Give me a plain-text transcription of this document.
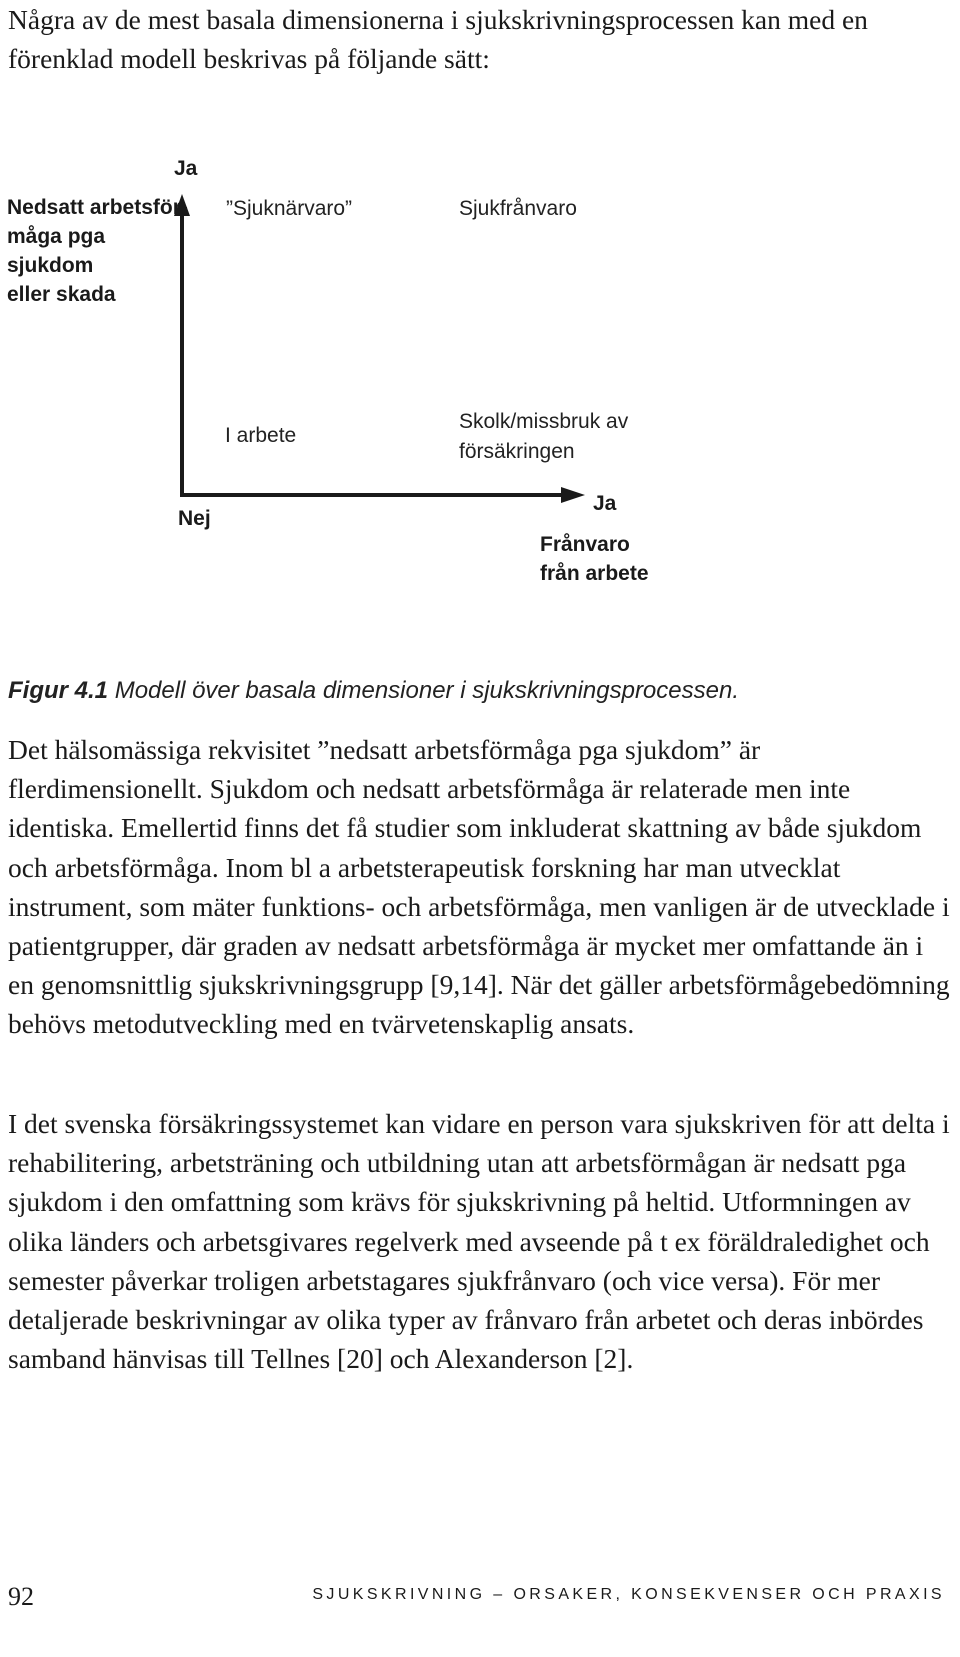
Några av de mest basala dimensionerna i sjukskrivningsprocessen kan med en förenklad modell beskrivas på följande sätt:
Ja
Nedsatt arbetsför-
måga pga
sjukdom
eller skada
”Sjuknärvaro”	Sjukfrånvaro
I arbete
Skolk/missbruk av
försäkringen
Nej
Ja
Frånvaro
från arbete
Figur 4.1 Modell över basala dimensioner i sjukskrivningsprocessen.

Det hälsomässiga rekvisitet ”nedsatt arbetsförmåga pga sjukdom” är flerdimensionellt. Sjukdom och nedsatt arbetsförmåga är relaterade men inte identiska. Emellertid finns det få studier som inkluderat skattning av både sjukdom och arbetsförmåga. Inom bl a arbetsterapeutisk forskning har man utvecklat instrument, som mäter funktions- och arbetsförmåga, men vanligen är de utvecklade i patientgrupper, där graden av nedsatt arbetsförmåga är mycket mer omfattande än i en genomsnittlig sjukskrivningsgrupp [9,14]. När det gäller arbetsförmågebedömning behövs metodutveckling med en tvärvetenskaplig ansats.

I det svenska försäkringssystemet kan vidare en person vara sjukskriven för att delta i rehabilitering, arbetsträning och utbildning utan att arbetsförmågan är nedsatt pga sjukdom i den omfattning som krävs för sjukskrivning på heltid. Utformningen av olika länders och arbetsgivares regelverk med avseende på t ex föräldraledighet och semester påverkar troligen arbetstagares sjukfrånvaro (och vice versa). För mer detaljerade beskrivningar av olika typer av frånvaro från arbetet och deras inbördes samband hänvisas till Tellnes [20] och Alexanderson [2].

92	SJUKSKRIVNING – ORSAKER, KONSEKVENSER OCH PRAXIS
